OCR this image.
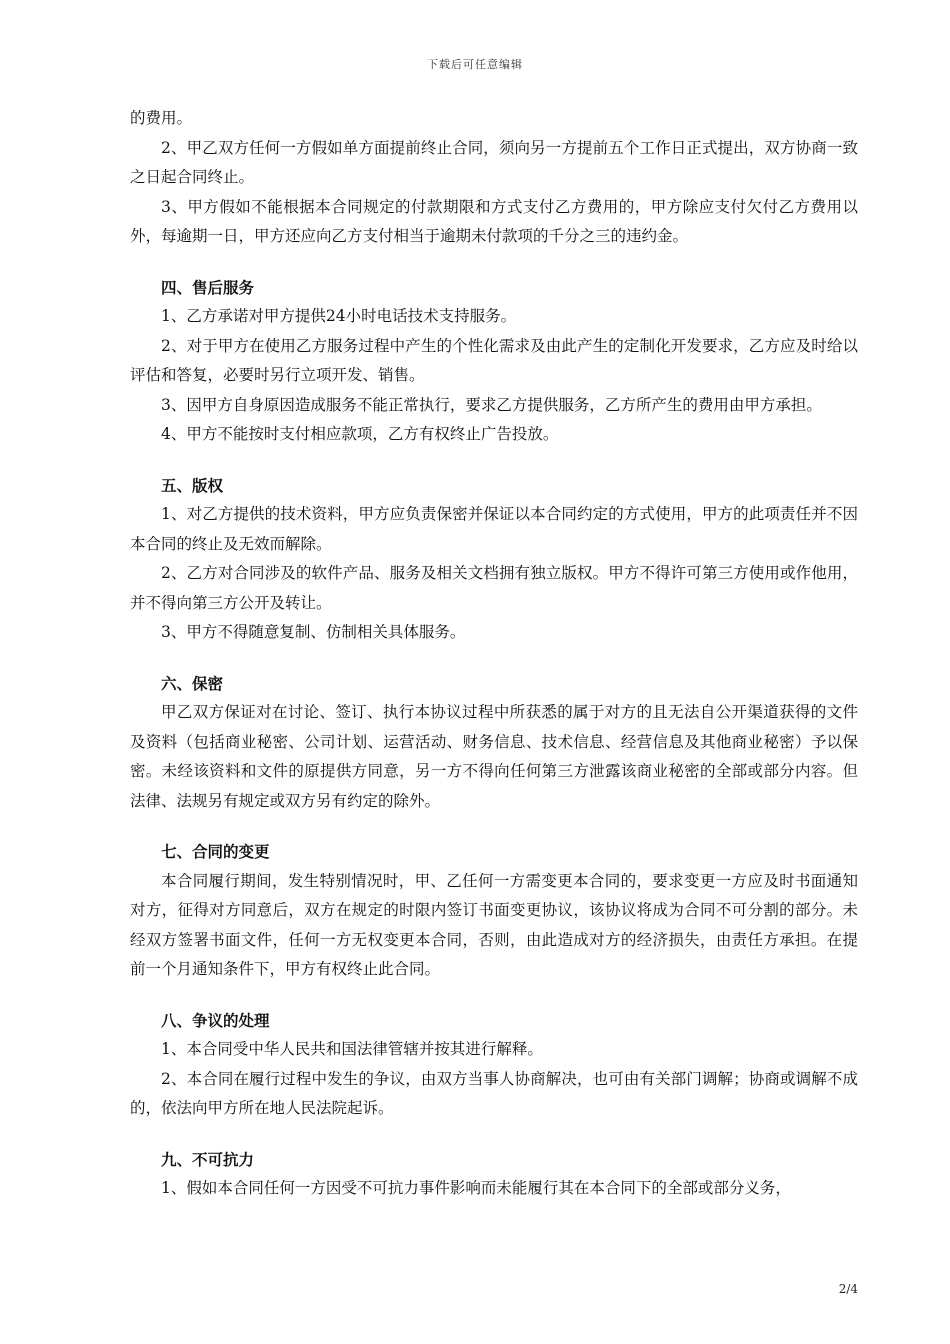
下载后可任意编辑

的费用。

2、甲乙双方任何一方假如单方面提前终止合同，须向另一方提前五个工作日正式提出，双方协商一致之日起合同终止。

3、甲方假如不能根据本合同规定的付款期限和方式支付乙方费用的，甲方除应支付欠付乙方费用以外，每逾期一日，甲方还应向乙方支付相当于逾期未付款项的千分之三的违约金。

四、售后服务

1、乙方承诺对甲方提供24小时电话技术支持服务。

2、对于甲方在使用乙方服务过程中产生的个性化需求及由此产生的定制化开发要求，乙方应及时给以评估和答复，必要时另行立项开发、销售。

3、因甲方自身原因造成服务不能正常执行，要求乙方提供服务，乙方所产生的费用由甲方承担。

4、甲方不能按时支付相应款项，乙方有权终止广告投放。

五、版权

1、对乙方提供的技术资料，甲方应负责保密并保证以本合同约定的方式使用，甲方的此项责任并不因本合同的终止及无效而解除。

2、乙方对合同涉及的软件产品、服务及相关文档拥有独立版权。甲方不得许可第三方使用或作他用，并不得向第三方公开及转让。

3、甲方不得随意复制、仿制相关具体服务。

六、保密

甲乙双方保证对在讨论、签订、执行本协议过程中所获悉的属于对方的且无法自公开渠道获得的文件及资料（包括商业秘密、公司计划、运营活动、财务信息、技术信息、经营信息及其他商业秘密）予以保密。未经该资料和文件的原提供方同意，另一方不得向任何第三方泄露该商业秘密的全部或部分内容。但法律、法规另有规定或双方另有约定的除外。

七、合同的变更

本合同履行期间，发生特别情况时，甲、乙任何一方需变更本合同的，要求变更一方应及时书面通知对方，征得对方同意后，双方在规定的时限内签订书面变更协议，该协议将成为合同不可分割的部分。未经双方签署书面文件，任何一方无权变更本合同，否则，由此造成对方的经济损失，由责任方承担。在提前一个月通知条件下，甲方有权终止此合同。

八、争议的处理

1、本合同受中华人民共和国法律管辖并按其进行解释。

2、本合同在履行过程中发生的争议，由双方当事人协商解决，也可由有关部门调解；协商或调解不成的，依法向甲方所在地人民法院起诉。

九、不可抗力

1、假如本合同任何一方因受不可抗力事件影响而未能履行其在本合同下的全部或部分义务，

2/4
